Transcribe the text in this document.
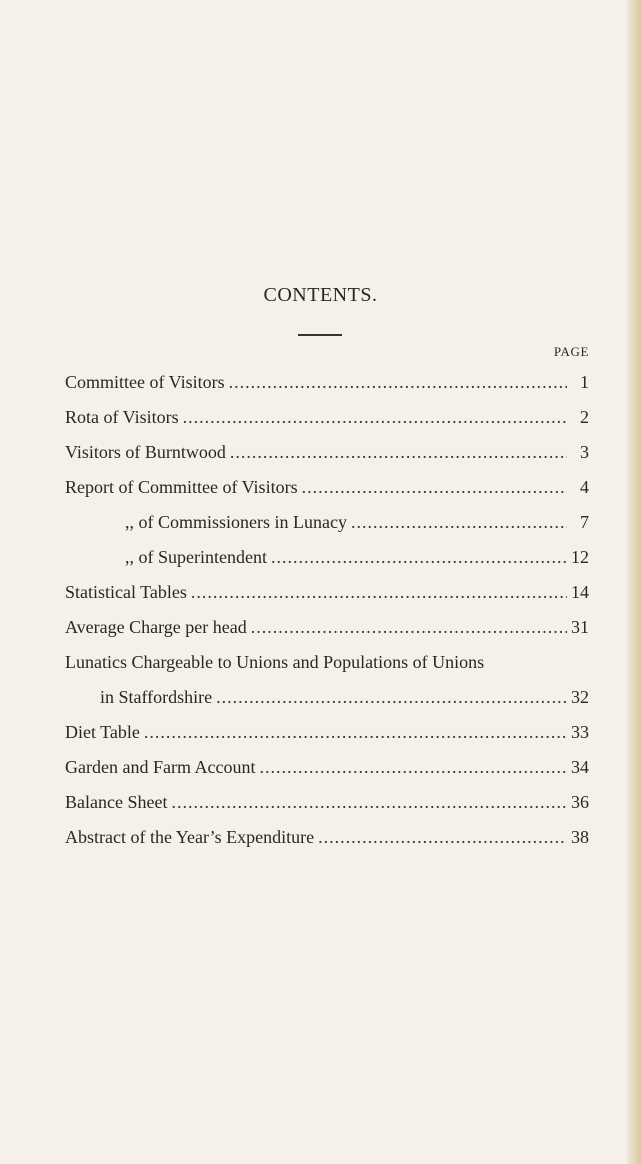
CONTENTS.
PAGE
Committee of Visitors .....	1
Rota of Visitors .....	2
Visitors of Burntwood .....	3
Report of Committee of Visitors .....	4
,, of Commissioners in Lunacy .....	7
,, of Superintendent .....	12
Statistical Tables .....	14
Average Charge per head .....	31
Lunatics Chargeable to Unions and Populations of Unions
in Staffordshire .....	32
Diet Table .....	33
Garden and Farm Account .....	34
Balance Sheet .....	36
Abstract of the Year’s Expenditure .....	38
